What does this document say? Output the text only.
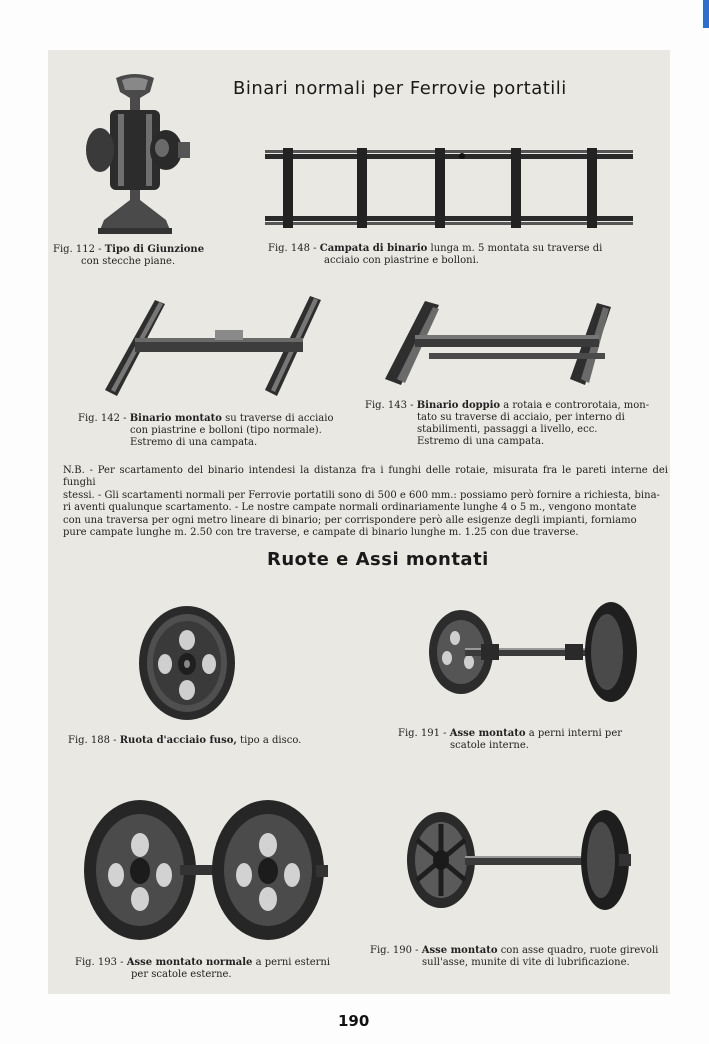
Binari normali per Ferrovie portatili
Fig. 112 - Tipo di Giunzione
con stecche piane.
Fig. 148 - Campata di binario lunga m. 5 montata su traverse di
acciaio con piastrine e bolloni.
Fig. 142 - Binario montato su traverse di acciaio
con piastrine e bolloni (tipo normale).
Estremo di una campata.
Fig. 143 - Binario doppio a rotaia e controrotaia, mon-
tato su traverse di acciaio, per interno di
stabilimenti, passaggi a livello, ecc.
Estremo di una campata.
N.B. - Per scartamento del binario intendesi la distanza fra i funghi delle rotaie, misurata fra le pareti interne dei funghi
stessi. - Gli scartamenti normali per Ferrovie portatili sono di 500 e 600 mm.: possiamo però fornire a richiesta, bina-
ri aventi qualunque scartamento. - Le nostre campate normali ordinariamente lunghe 4 o 5 m., vengono montate
con una traversa per ogni metro lineare di binario; per corrispondere però alle esigenze degli impianti, forniamo
pure campate lunghe m. 2.50 con tre traverse, e campate di binario lunghe m. 1.25 con due traverse.
Ruote e Assi montati
Fig. 188 - Ruota d'acciaio fuso, tipo a disco.
Fig. 191 - Asse montato a perni interni per
scatole interne.
Fig. 193 - Asse montato normale a perni esterni
per scatole esterne.
Fig. 190 - Asse montato con asse quadro, ruote girevoli
sull'asse, munite di vite di lubrificazione.
190
